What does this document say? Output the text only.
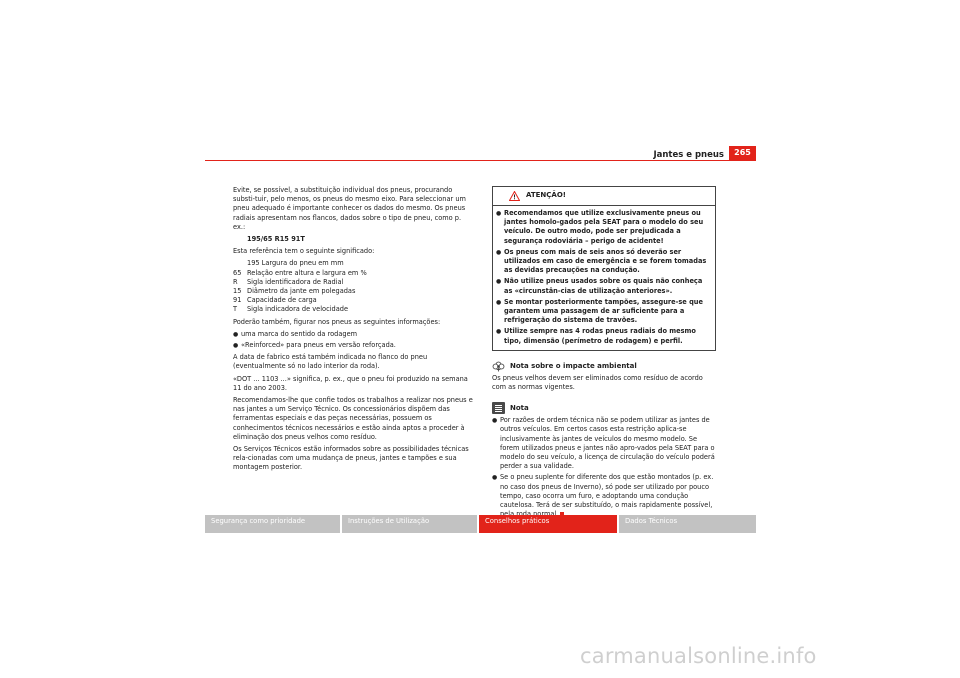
Jantes e pneus	265

Evite, se possível, a substituição individual dos pneus, procurando substi-tuir, pelo menos, os pneus do mesmo eixo. Para seleccionar um pneu adequado é importante conhecer os dados do mesmo. Os pneus radiais apresentam nos flancos, dados sobre o tipo de pneu, como p. ex.:

195/65 R15 91T

Esta referência tem o seguinte significado:

195 Largura do pneu em mm
65 Relação entre altura e largura em %
R	Sigla identificadora de Radial
15 Diâmetro da jante em polegadas
91 Capacidade de carga
T	Sigla indicadora de velocidade

Poderão também, figurar nos pneus as seguintes informações:

● uma marca do sentido da rodagem
● «Reinforced» para pneus em versão reforçada.

A data de fabrico está também indicada no flanco do pneu (eventualmente só no lado interior da roda).

«DOT ... 1103 ...» significa, p. ex., que o pneu foi produzido na semana 11 do ano 2003.

Recomendamos-lhe que confie todos os trabalhos a realizar nos pneus e nas jantes a um Serviço Técnico. Os concessionários dispõem das ferramentas especiais e das peças necessárias, possuem os conhecimentos técnicos necessários e estão ainda aptos a proceder à eliminação dos pneus velhos como resíduo.

Os Serviços Técnicos estão informados sobre as possibilidades técnicas rela-cionadas com uma mudança de pneus, jantes e tampões e sua montagem posterior.

ATENÇÃO!
● Recomendamos que utilize exclusivamente pneus ou jantes homolo-gados pela SEAT para o modelo do seu veículo. De outro modo, pode ser prejudicada a segurança rodoviária – perigo de acidente!
● Os pneus com mais de seis anos só deverão ser utilizados em caso de emergência e se forem tomadas as devidas precauções na condução.
● Não utilize pneus usados sobre os quais não conheça as «circunstân-cias de utilização anteriores».
● Se montar posteriormente tampões, assegure-se que garantem uma passagem de ar suficiente para a refrigeração do sistema de travões.
● Utilize sempre nas 4 rodas pneus radiais do mesmo tipo, dimensão (perímetro de rodagem) e perfil.
Nota sobre o impacte ambiental

Os pneus velhos devem ser eliminados como resíduo de acordo com as normas vigentes.

Nota
● Por razões de ordem técnica não se podem utilizar as jantes de outros veículos. Em certos casos esta restrição aplica-se inclusivamente às jantes de veículos do mesmo modelo. Se forem utilizados pneus e jantes não apro-vados pela SEAT para o modelo do seu veículo, a licença de circulação do veículo poderá perder a sua validade.
● Se o pneu suplente for diferente dos que estão montados (p. ex. no caso dos pneus de Inverno), só pode ser utilizado por pouco tempo, caso ocorra um furo, e adoptando uma condução cautelosa. Terá de ser substituído, o mais rapidamente possível,
Segurança como prioridade	Instruções de Utilização	Conselhos práticos	Dados Técnicos
carmanualsonline.info
